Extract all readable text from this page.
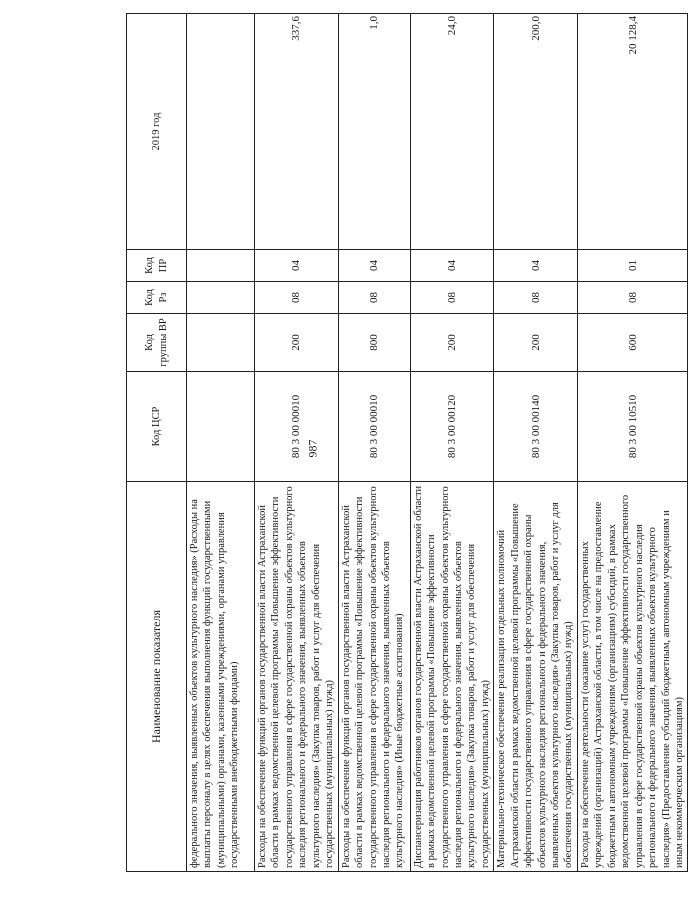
987
Наименование показателя	Код ЦСР	Код группы ВР	Код Рз	Код ПР	2019 год
федерального значения, выявленных объектов культурного наследия» (Расходы на выплаты персоналу в целях обеспечения выполнения функций государственными (муниципальными) органами, казенными учреждениями, органами управления государственными внебюджетными фондами)					
Расходы на обеспечение функций органов государственной власти Астраханской области в рамках ведомственной целевой программы «Повышение эффективности государственного управления в сфере государственной охраны объектов культурного наследия регионального и федерального значения, выявленных объектов культурного наследия» (Закупка товаров, работ и услуг для обеспечения государственных (муниципальных) нужд)	80 3 00 00010	200	08	04	337,6
Расходы на обеспечение функций органов государственной власти Астраханской области в рамках ведомственной целевой программы «Повышение эффективности государственного управления в сфере государственной охраны объектов культурного наследия регионального и федерального значения, выявленных объектов культурного наследия» (Иные бюджетные ассигнования)	80 3 00 00010	800	08	04	1,0
Диспансеризация работников органов государственной власти Астраханской области в рамках ведомственной целевой программы «Повышение эффективности государственного управления в сфере государственной охраны объектов культурного наследия регионального и федерального значения, выявленных объектов культурного наследия» (Закупка товаров, работ и услуг для обеспечения государственных (муниципальных) нужд)	80 3 00 00120	200	08	04	24,0
Материально-техническое обеспечение реализации отдельных полномочий Астраханской области в рамках ведомственной целевой программы «Повышение эффективности государственного управления в сфере государственной охраны объектов культурного наследия регионального и федерального значения, выявленных объектов культурного наследия» (Закупка товаров, работ и услуг для обеспечения государственных (муниципальных) нужд)	80 3 00 00140	200	08	04	200,0
Расходы на обеспечение деятельности (оказание услуг) государственных учреждений (организаций) Астраханской области, в том числе на предоставление бюджетным и автономным учреждениям (организациям) субсидий, в рамках ведомственной целевой программы «Повышение эффективности государственного управления в сфере государственной охраны объектов культурного наследия регионального и федерального значения, выявленных объектов культурного наследия» (Предоставление субсидий бюджетным, автономным учреждениям и иным некоммерческим организациям)	80 3 00 10510	600	08	01	20 128,4
